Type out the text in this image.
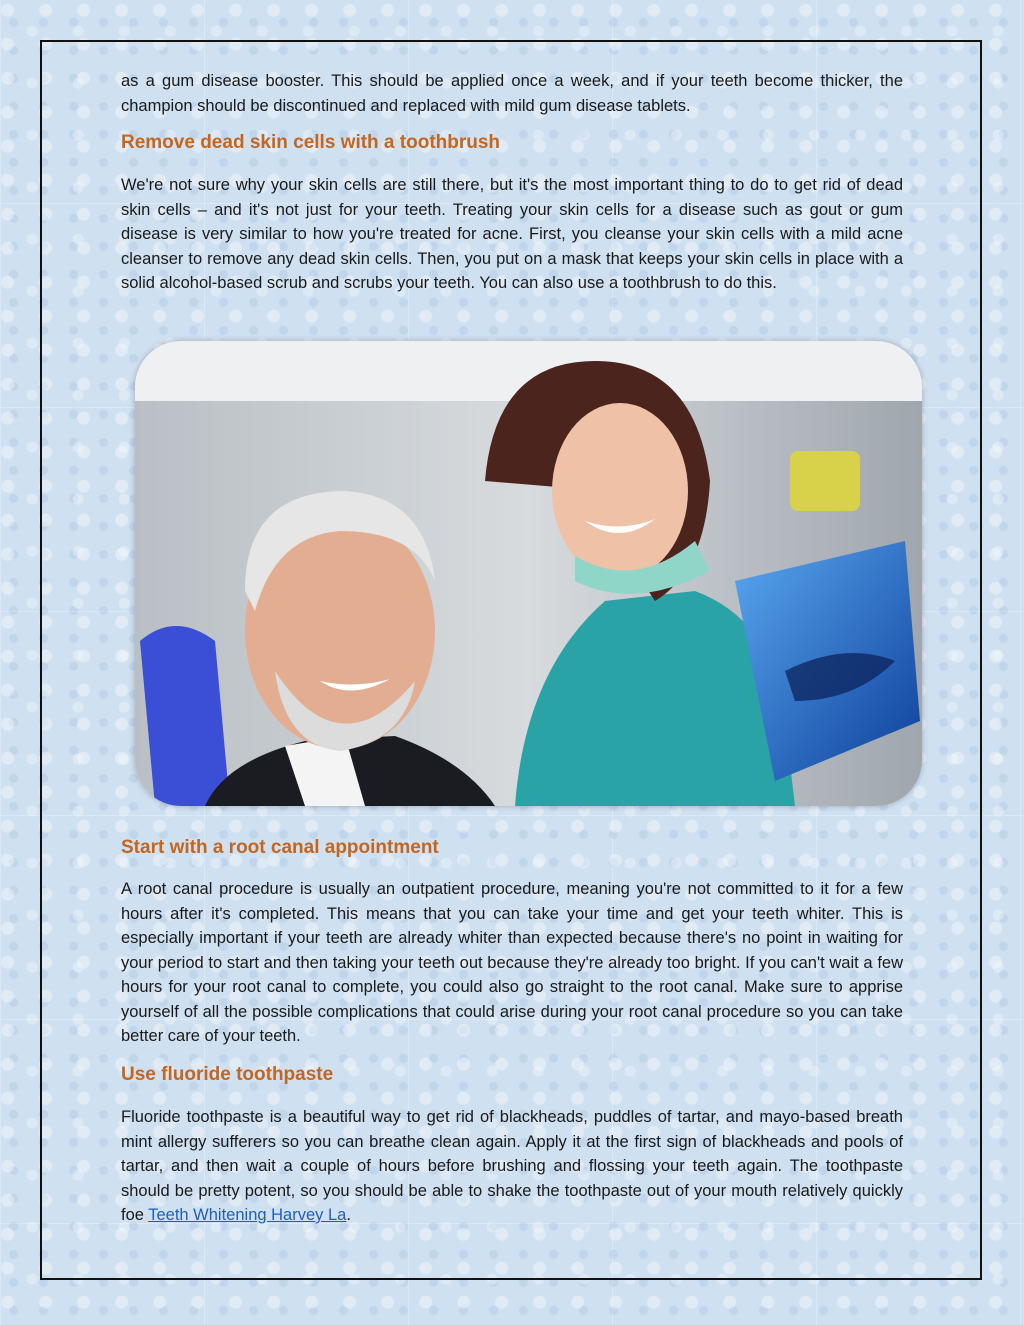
as a gum disease booster. This should be applied once a week, and if your teeth become thicker, the champion should be discontinued and replaced with mild gum disease tablets.

Remove dead skin cells with a toothbrush

We're not sure why your skin cells are still there, but it's the most important thing to do to get rid of dead skin cells – and it's not just for your teeth. Treating your skin cells for a disease such as gout or gum disease is very similar to how you're treated for acne. First, you cleanse your skin cells with a mild acne cleanser to remove any dead skin cells. Then, you put on a mask that keeps your skin cells in place with a solid alcohol-based scrub and scrubs your teeth. You can also use a toothbrush to do this.

Start with a root canal appointment

A root canal procedure is usually an outpatient procedure, meaning you're not committed to it for a few hours after it's completed. This means that you can take your time and get your teeth whiter. This is especially important if your teeth are already whiter than expected because there's no point in waiting for your period to start and then taking your teeth out because they're already too bright. If you can't wait a few hours for your root canal to complete, you could also go straight to the root canal. Make sure to apprise yourself of all the possible complications that could arise during your root canal procedure so you can take better care of your teeth.

Use fluoride toothpaste

Fluoride toothpaste is a beautiful way to get rid of blackheads, puddles of tartar, and mayo-based breath mint allergy sufferers so you can breathe clean again. Apply it at the first sign of blackheads and pools of tartar, and then wait a couple of hours before brushing and flossing your teeth again. The toothpaste should be pretty potent, so you should be able to shake the toothpaste out of your mouth relatively quickly foe Teeth Whitening Harvey La.
